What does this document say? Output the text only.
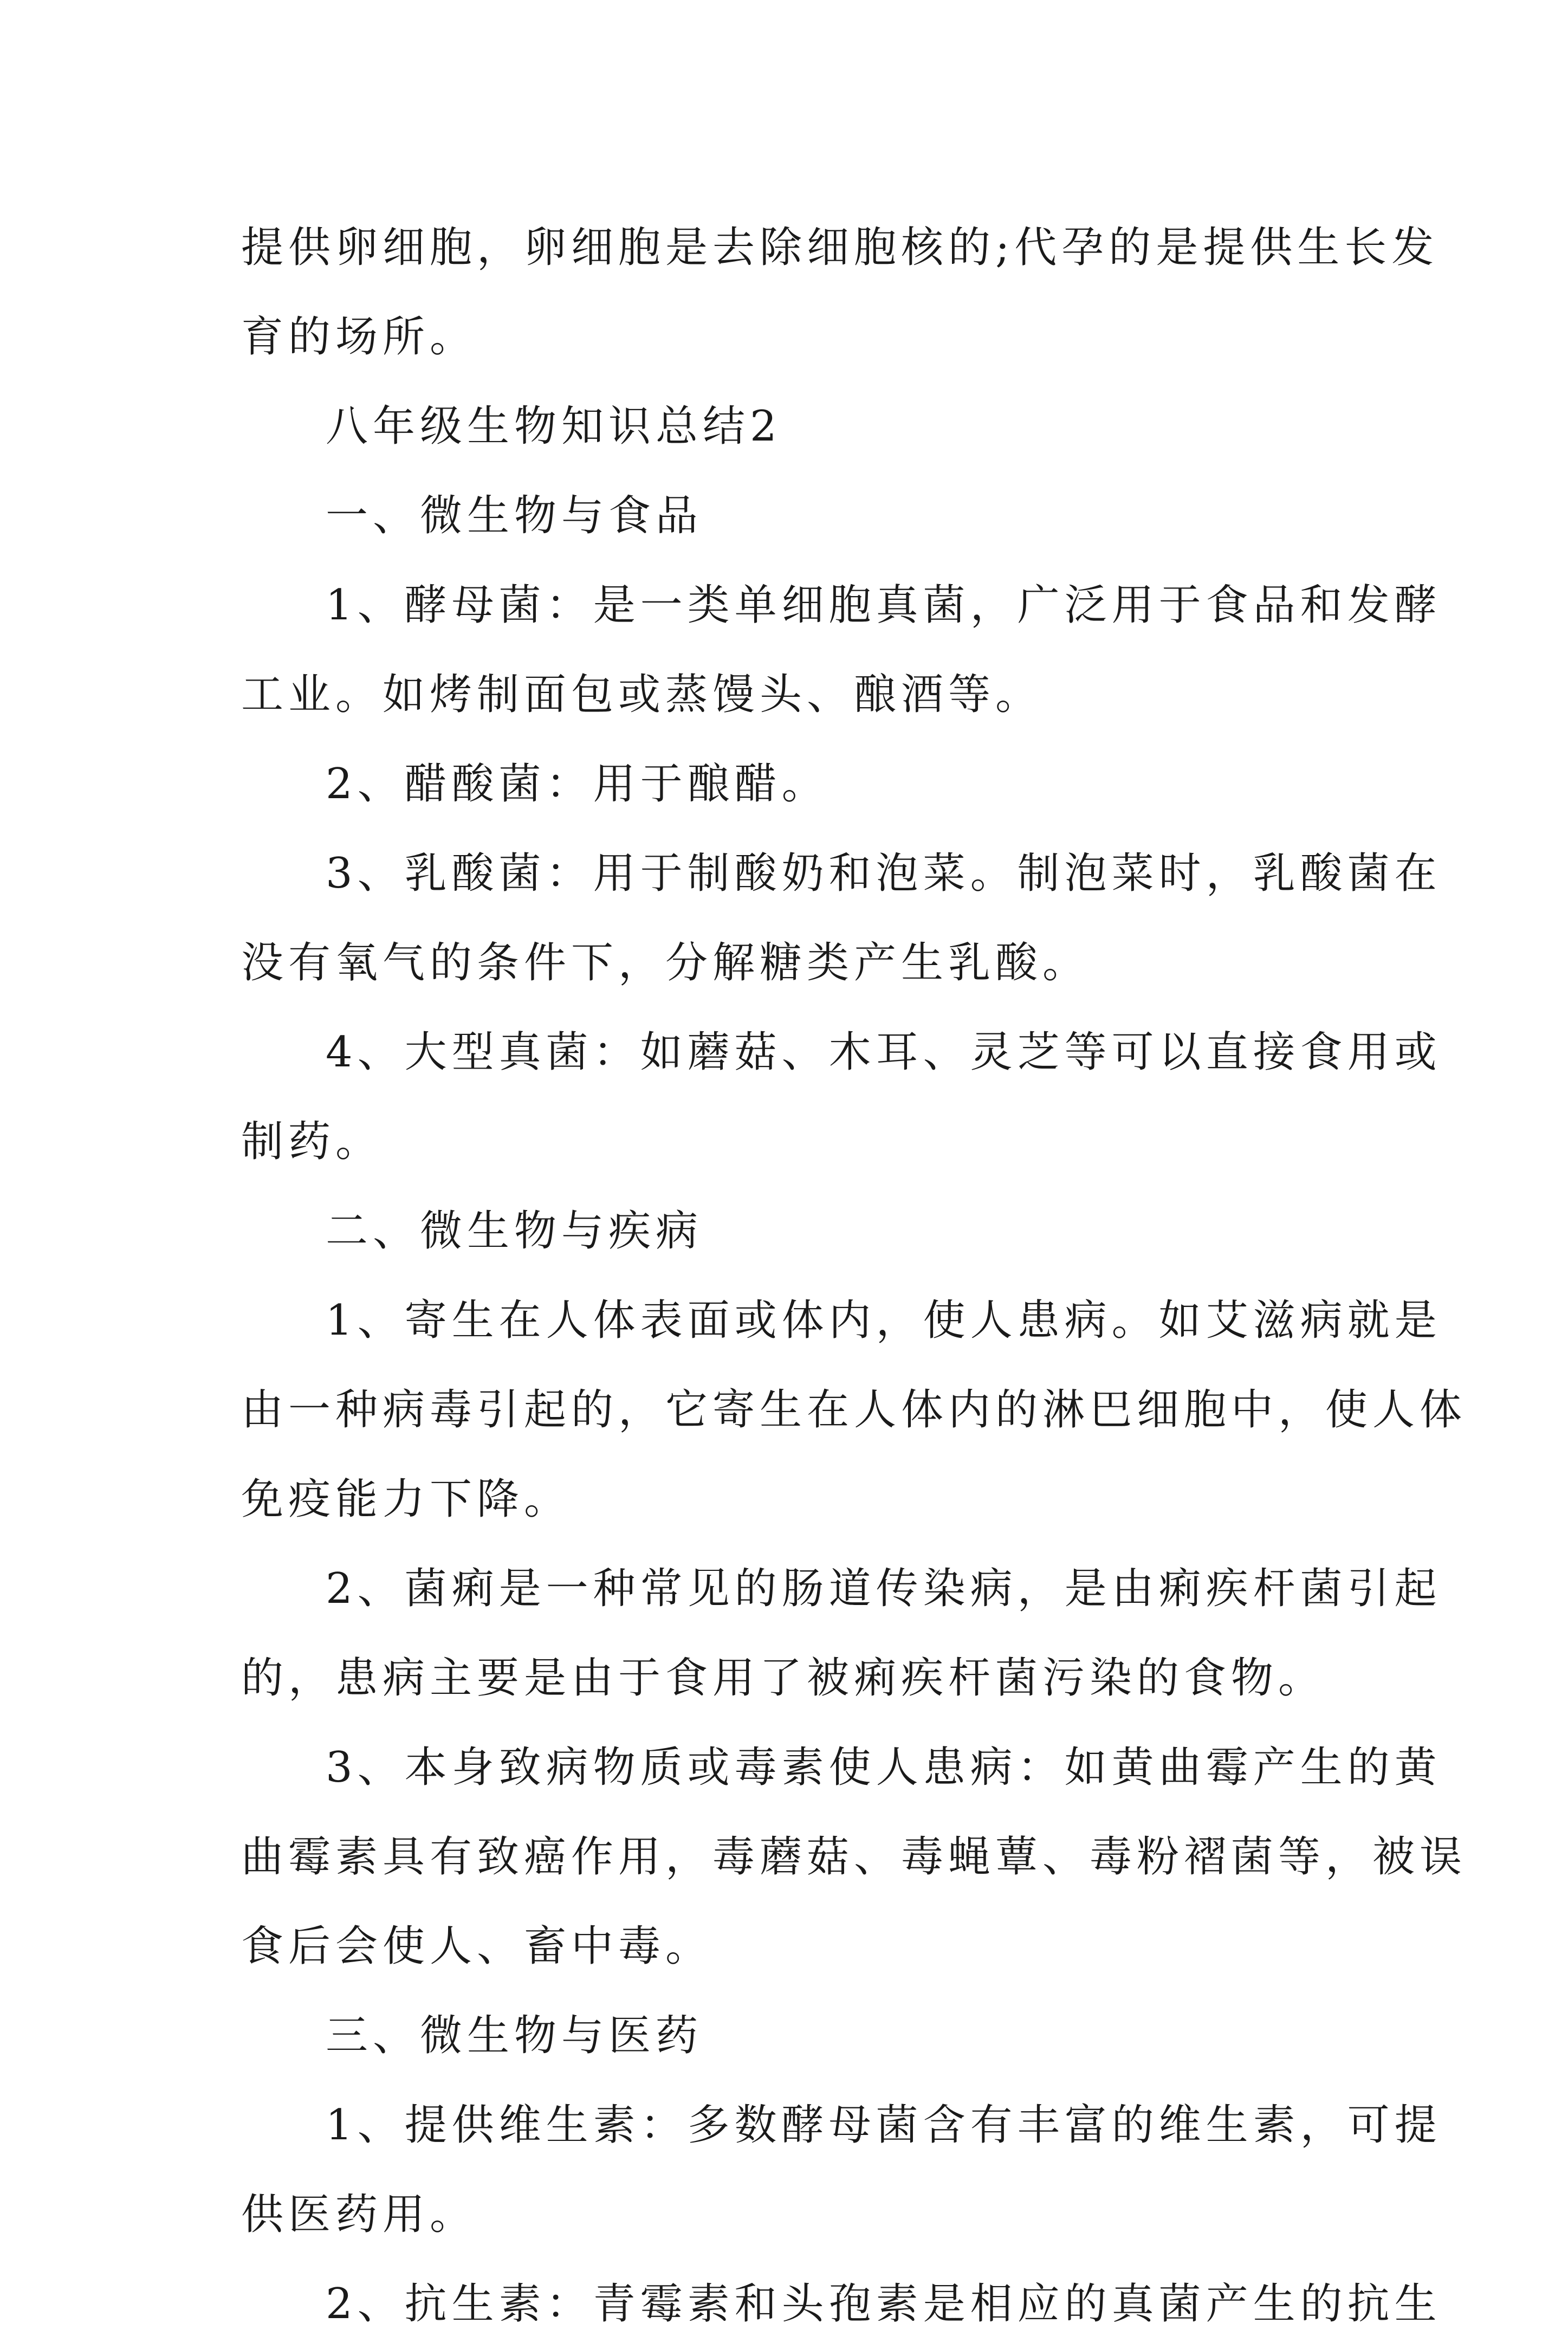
提供卵细胞，卵细胞是去除细胞核的;代孕的是提供生长发
育的场所。
八年级生物知识总结2
一、微生物与食品
1、酵母菌：是一类单细胞真菌，广泛用于食品和发酵
工业。如烤制面包或蒸馒头、酿酒等。
2、醋酸菌：用于酿醋。
3、乳酸菌：用于制酸奶和泡菜。制泡菜时，乳酸菌在
没有氧气的条件下，分解糖类产生乳酸。
4、大型真菌：如蘑菇、木耳、灵芝等可以直接食用或
制药。
二、微生物与疾病
1、寄生在人体表面或体内，使人患病。如艾滋病就是
由一种病毒引起的，它寄生在人体内的淋巴细胞中，使人体
免疫能力下降。
2、菌痢是一种常见的肠道传染病，是由痢疾杆菌引起
的，患病主要是由于食用了被痢疾杆菌污染的食物。
3、本身致病物质或毒素使人患病：如黄曲霉产生的黄
曲霉素具有致癌作用，毒蘑菇、毒蝇蕈、毒粉褶菌等，被误
食后会使人、畜中毒。
三、微生物与医药
1、提供维生素：多数酵母菌含有丰富的维生素，可提
供医药用。
2、抗生素：青霉素和头孢素是相应的真菌产生的抗生
